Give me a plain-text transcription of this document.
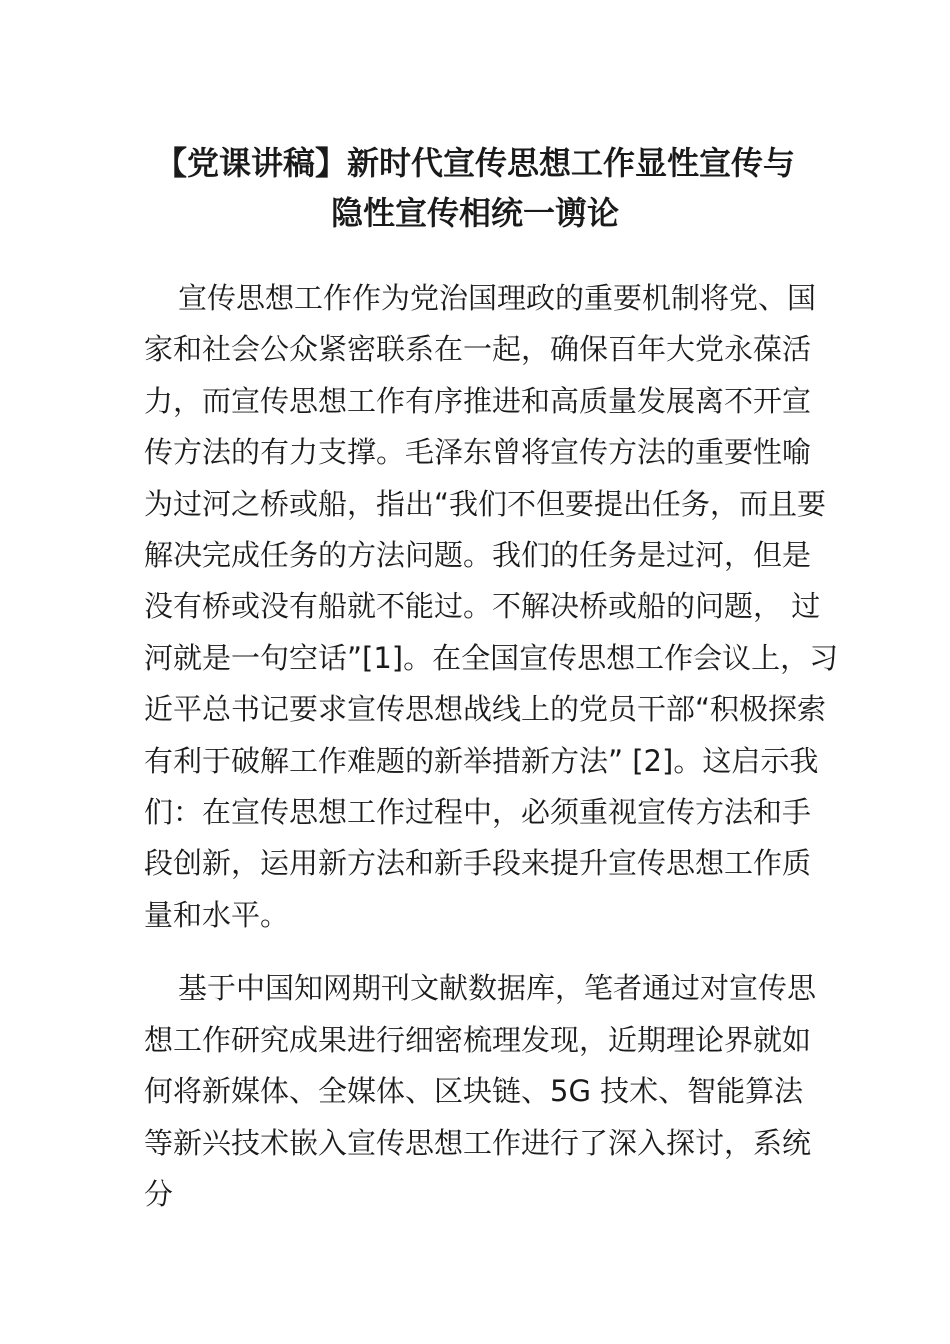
【党课讲稿】新时代宣传思想工作显性宣传与
隐性宣传相统一谫论

宣传思想工作作为党治国理政的重要机制将党、国
家和社会公众紧密联系在一起，确保百年大党永葆活
力，而宣传思想工作有序推进和高质量发展离不开宣
传方法的有力支撑。毛泽东曾将宣传方法的重要性喻
为过河之桥或船，指出“我们不但要提出任务，而且要
解决完成任务的方法问题。我们的任务是过河，但是
没有桥或没有船就不能过。不解决桥或船的问题， 过
河就是一句空话”[1]。在全国宣传思想工作会议上，习
近平总书记要求宣传思想战线上的党员干部“积极探索
有利于破解工作难题的新举措新方法” [2]。这启示我
们：在宣传思想工作过程中，必须重视宣传方法和手
段创新，运用新方法和新手段来提升宣传思想工作质
量和水平。

基于中国知网期刊文献数据库，笔者通过对宣传思
想工作研究成果进行细密梳理发现，近期理论界就如
何将新媒体、全媒体、区块链、5G 技术、智能算法
等新兴技术嵌入宣传思想工作进行了深入探讨，系统
分
